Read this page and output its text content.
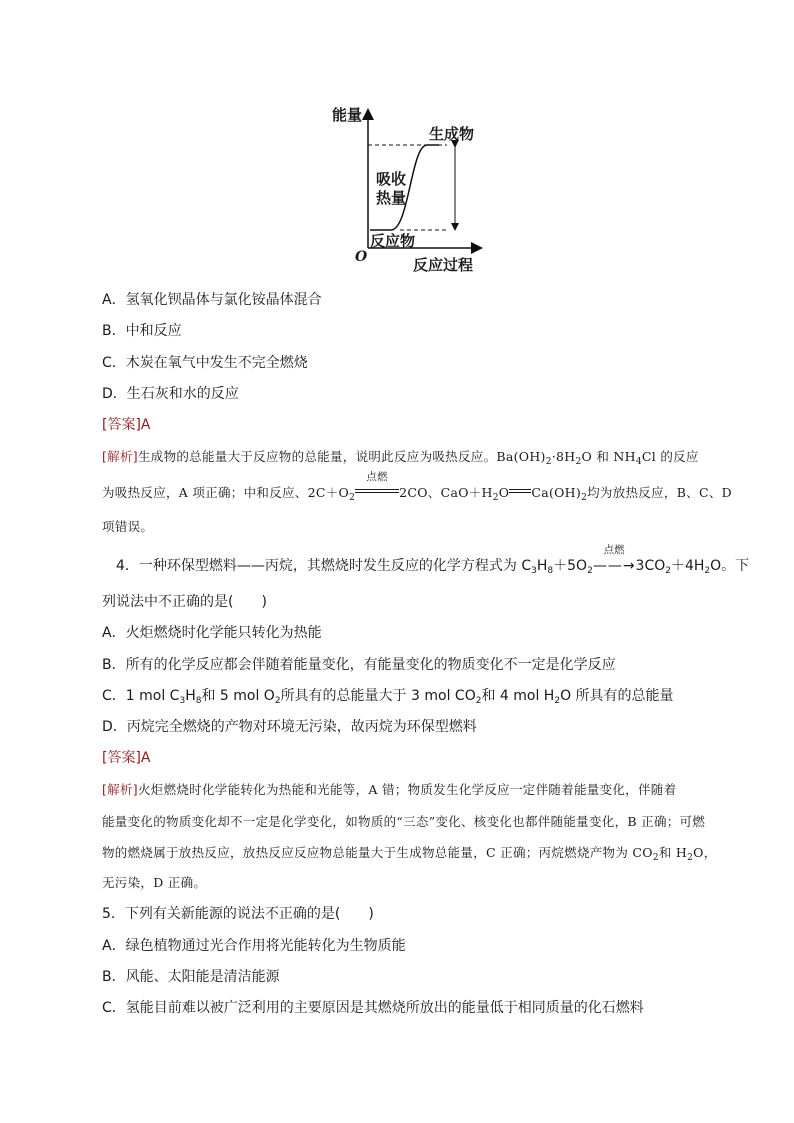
能量
生成物
吸收
热量
反应物
O	反应过程
A．氢氧化钡晶体与氯化铵晶体混合
B．中和反应
C．木炭在氧气中发生不完全燃烧
D．生石灰和水的反应
[答案]A
[解析]生成物的总能量大于反应物的总能量，说明此反应为吸热反应。$Ba(OH)_2\cdot 8H_2O$ 和 $NH_4Cl$ 的反应
为吸热反应，A 项正确；中和反应、$2C+O_2$
点燃
2CO、$CaO+H_2O$ $Ca(OH)_2$均为放热反应，B、C、D
项错误。
4．一种环保型燃料——丙烷，其燃烧时发生反应的化学方程式为 $C_3H_8+5O_2$
点燃
$——\to 3CO_2+4H_2O$。下
列说法中不正确的是(　　)
A．火炬燃烧时化学能只转化为热能
B．所有的化学反应都会伴随着能量变化，有能量变化的物质变化不一定是化学反应
C．1 mol $C_3H_8$和 5 mol $O_2$所具有的总能量大于 3 mol $CO_2$和 4 mol $H_2O$ 所具有的总能量
D．丙烷完全燃烧的产物对环境无污染，故丙烷为环保型燃料
[答案]A
[解析]火炬燃烧时化学能转化为热能和光能等，A 错；物质发生化学反应一定伴随着能量变化，伴随着
能量变化的物质变化却不一定是化学变化，如物质的“三态”变化、核变化也都伴随能量变化，B 正确；可燃
物的燃烧属于放热反应，放热反应反应物总能量大于生成物总能量，C 正确；丙烷燃烧产物为 $CO_2$和 $H_2O$，
无污染，D 正确。
5．下列有关新能源的说法不正确的是(　　)
A．绿色植物通过光合作用将光能转化为生物质能
B．风能、太阳能是清洁能源
C．氢能目前难以被广泛利用的主要原因是其燃烧所放出的能量低于相同质量的化石燃料
